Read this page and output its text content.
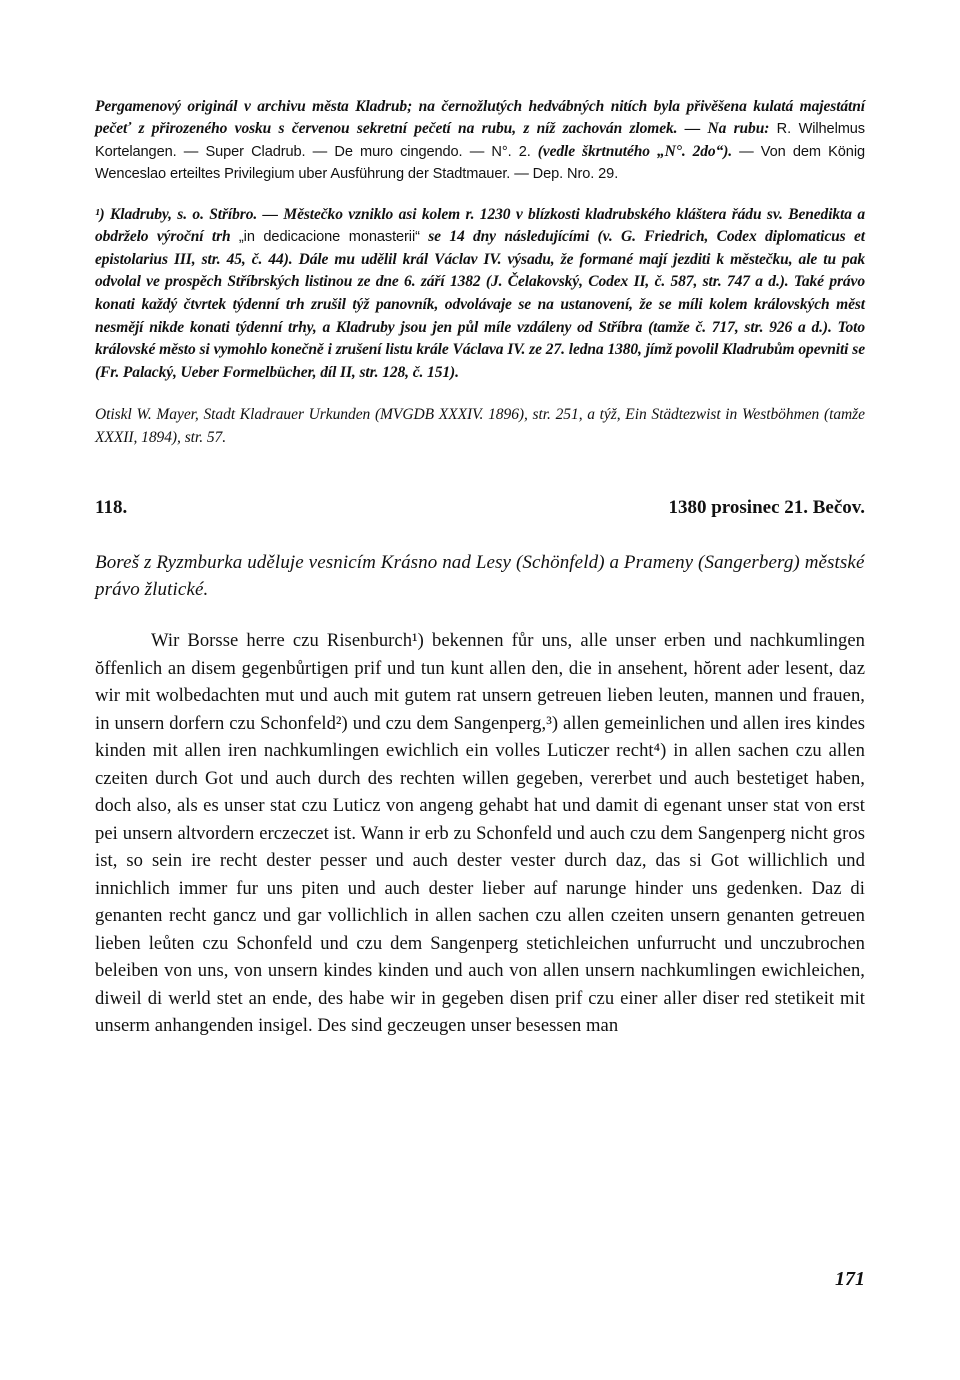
Pergamenový originál v archivu města Kladrub; na černožlutých hedvábných nitích byla přivěšena kulatá majestátní pečeť z přirozeného vosku s červenou sekretní pečetí na rubu, z níž zachován zlomek. — Na rubu: R. Wilhelmus Kortelangen. — Super Cladrub. — De muro cingendo. — N°. 2. (vedle škrtnutého „N°. 2do“). — Von dem König Wenceslao erteiltes Privilegium uber Ausführung der Stadtmauer. — Dep. Nro. 29.
¹) Kladruby, s. o. Stříbro. — Městečko vzniklo asi kolem r. 1230 v blízkosti kladrubského kláštera řádu sv. Benedikta a obdrželo výroční trh „in dedicacione monasterii“ se 14 dny následujícími (v. G. Friedrich, Codex diplomaticus et epistolarius III, str. 45, č. 44). Dále mu udělil král Václav IV. výsadu, že formané mají jezditi k městečku, ale tu pak odvolal ve prospěch Stříbrských listinou ze dne 6. září 1382 (J. Čelakovský, Codex II, č. 587, str. 747 a d.). Také právo konati každý čtvrtek týdenní trh zrušil týž panovník, odvolávaje se na ustanovení, že se míli kolem královských měst nesmějí nikde konati týdenní trhy, a Kladruby jsou jen půl míle vzdáleny od Stříbra (tamže č. 717, str. 926 a d.). Toto královské město si vymohlo konečně i zrušení listu krále Václava IV. ze 27. ledna 1380, jímž povolil Kladrubům opevniti se (Fr. Palacký, Ueber Formelbücher, díl II, str. 128, č. 151).
Otiskl W. Mayer, Stadt Kladrauer Urkunden (MVGDB XXXIV. 1896), str. 251, a týž, Ein Städtezwist in Westböhmen (tamže XXXII, 1894), str. 57.
118.	1380 prosinec 21. Bečov.
Boreš z Ryzmburka uděluje vesnicím Krásno nad Lesy (Schönfeld) a Prameny (Sangerberg) městské právo žlutické.
Wir Borsse herre czu Risenburch¹) bekennen fůr uns, alle unser erben und nachkumlingen ŏffenlich an disem gegenbůrtigen prif und tun kunt allen den, die in ansehent, hŏrent ader lesent, daz wir mit wolbedachten mut und auch mit gutem rat unsern getreuen lieben leuten, mannen und frauen, in unsern dorfern czu Schonfeld²) und czu dem Sangenperg,³) allen gemeinlichen und allen ires kindes kinden mit allen iren nachkumlingen ewichlich ein volles Luticzer recht⁴) in allen sachen czu allen czeiten durch Got und auch durch des rechten willen gegeben, vererbet und auch bestetiget haben, doch also, als es unser stat czu Luticz von angeng gehabt hat und damit di egenant unser stat von erst pei unsern altvordern erczeczet ist. Wann ir erb zu Schonfeld und auch czu dem Sangenperg nicht gros ist, so sein ire recht dester pesser und auch dester vester durch daz, das si Got willichlich und innichlich immer fur uns piten und auch dester lieber auf narunge hinder uns gedenken. Daz di genanten recht gancz und gar vollichlich in allen sachen czu allen czeiten unsern genanten getreuen lieben leůten czu Schonfeld und czu dem Sangenperg stetichleichen unfurrucht und unczubrochen beleiben von uns, von unsern kindes kinden und auch von allen unsern nachkumlingen ewichleichen, diweil di werld stet an ende, des habe wir in gegeben disen prif czu einer aller diser red stetikeit mit unserm anhangenden insigel. Des sind geczeugen unser besessen man
171
